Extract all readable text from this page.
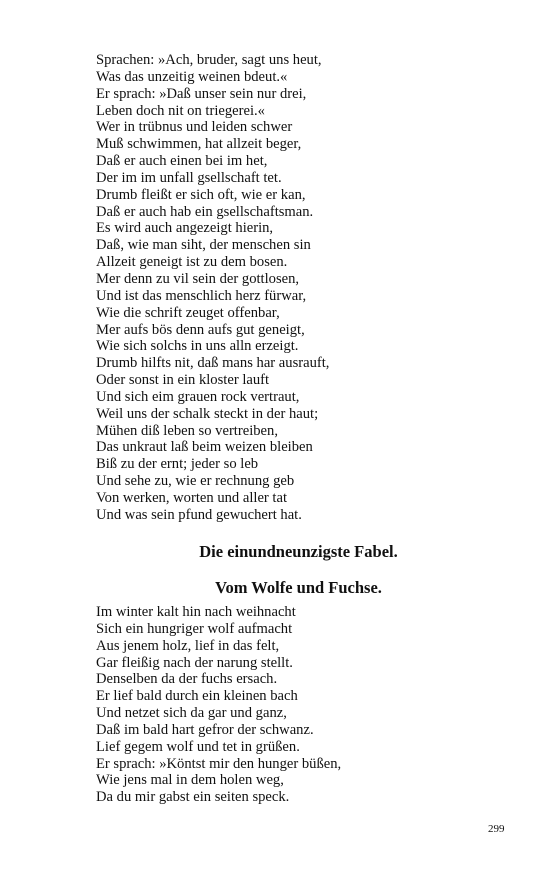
Sprachen: »Ach, bruder, sagt uns heut,
Was das unzeitig weinen bdeut.«
Er sprach: »Daß unser sein nur drei,
Leben doch nit on triegerei.«
Wer in trübnus und leiden schwer
Muß schwimmen, hat allzeit beger,
Daß er auch einen bei im het,
Der im im unfall gsellschaft tet.
Drumb fleißt er sich oft, wie er kan,
Daß er auch hab ein gsellschaftsman.
Es wird auch angezeigt hierin,
Daß, wie man siht, der menschen sin
Allzeit geneigt ist zu dem bosen.
Mer denn zu vil sein der gottlosen,
Und ist das menschlich herz fürwar,
Wie die schrift zeuget offenbar,
Mer aufs bös denn aufs gut geneigt,
Wie sich solchs in uns alln erzeigt.
Drumb hilfts nit, daß mans har ausrauft,
Oder sonst in ein kloster lauft
Und sich eim grauen rock vertraut,
Weil uns der schalk steckt in der haut;
Mühen diß leben so vertreiben,
Das unkraut laß beim weizen bleiben
Biß zu der ernt; jeder so leb
Und sehe zu, wie er rechnung geb
Von werken, worten und aller tat
Und was sein pfund gewuchert hat.
Die einundneunzigste Fabel.
Vom Wolfe und Fuchse.
Im winter kalt hin nach weihnacht
Sich ein hungriger wolf aufmacht
Aus jenem holz, lief in das felt,
Gar fleißig nach der narung stellt.
Denselben da der fuchs ersach.
Er lief bald durch ein kleinen bach
Und netzet sich da gar und ganz,
Daß im bald hart gefror der schwanz.
Lief gegem wolf und tet in grüßen.
Er sprach: »Köntst mir den hunger büßen,
Wie jens mal in dem holen weg,
Da du mir gabst ein seiten speck.
299
